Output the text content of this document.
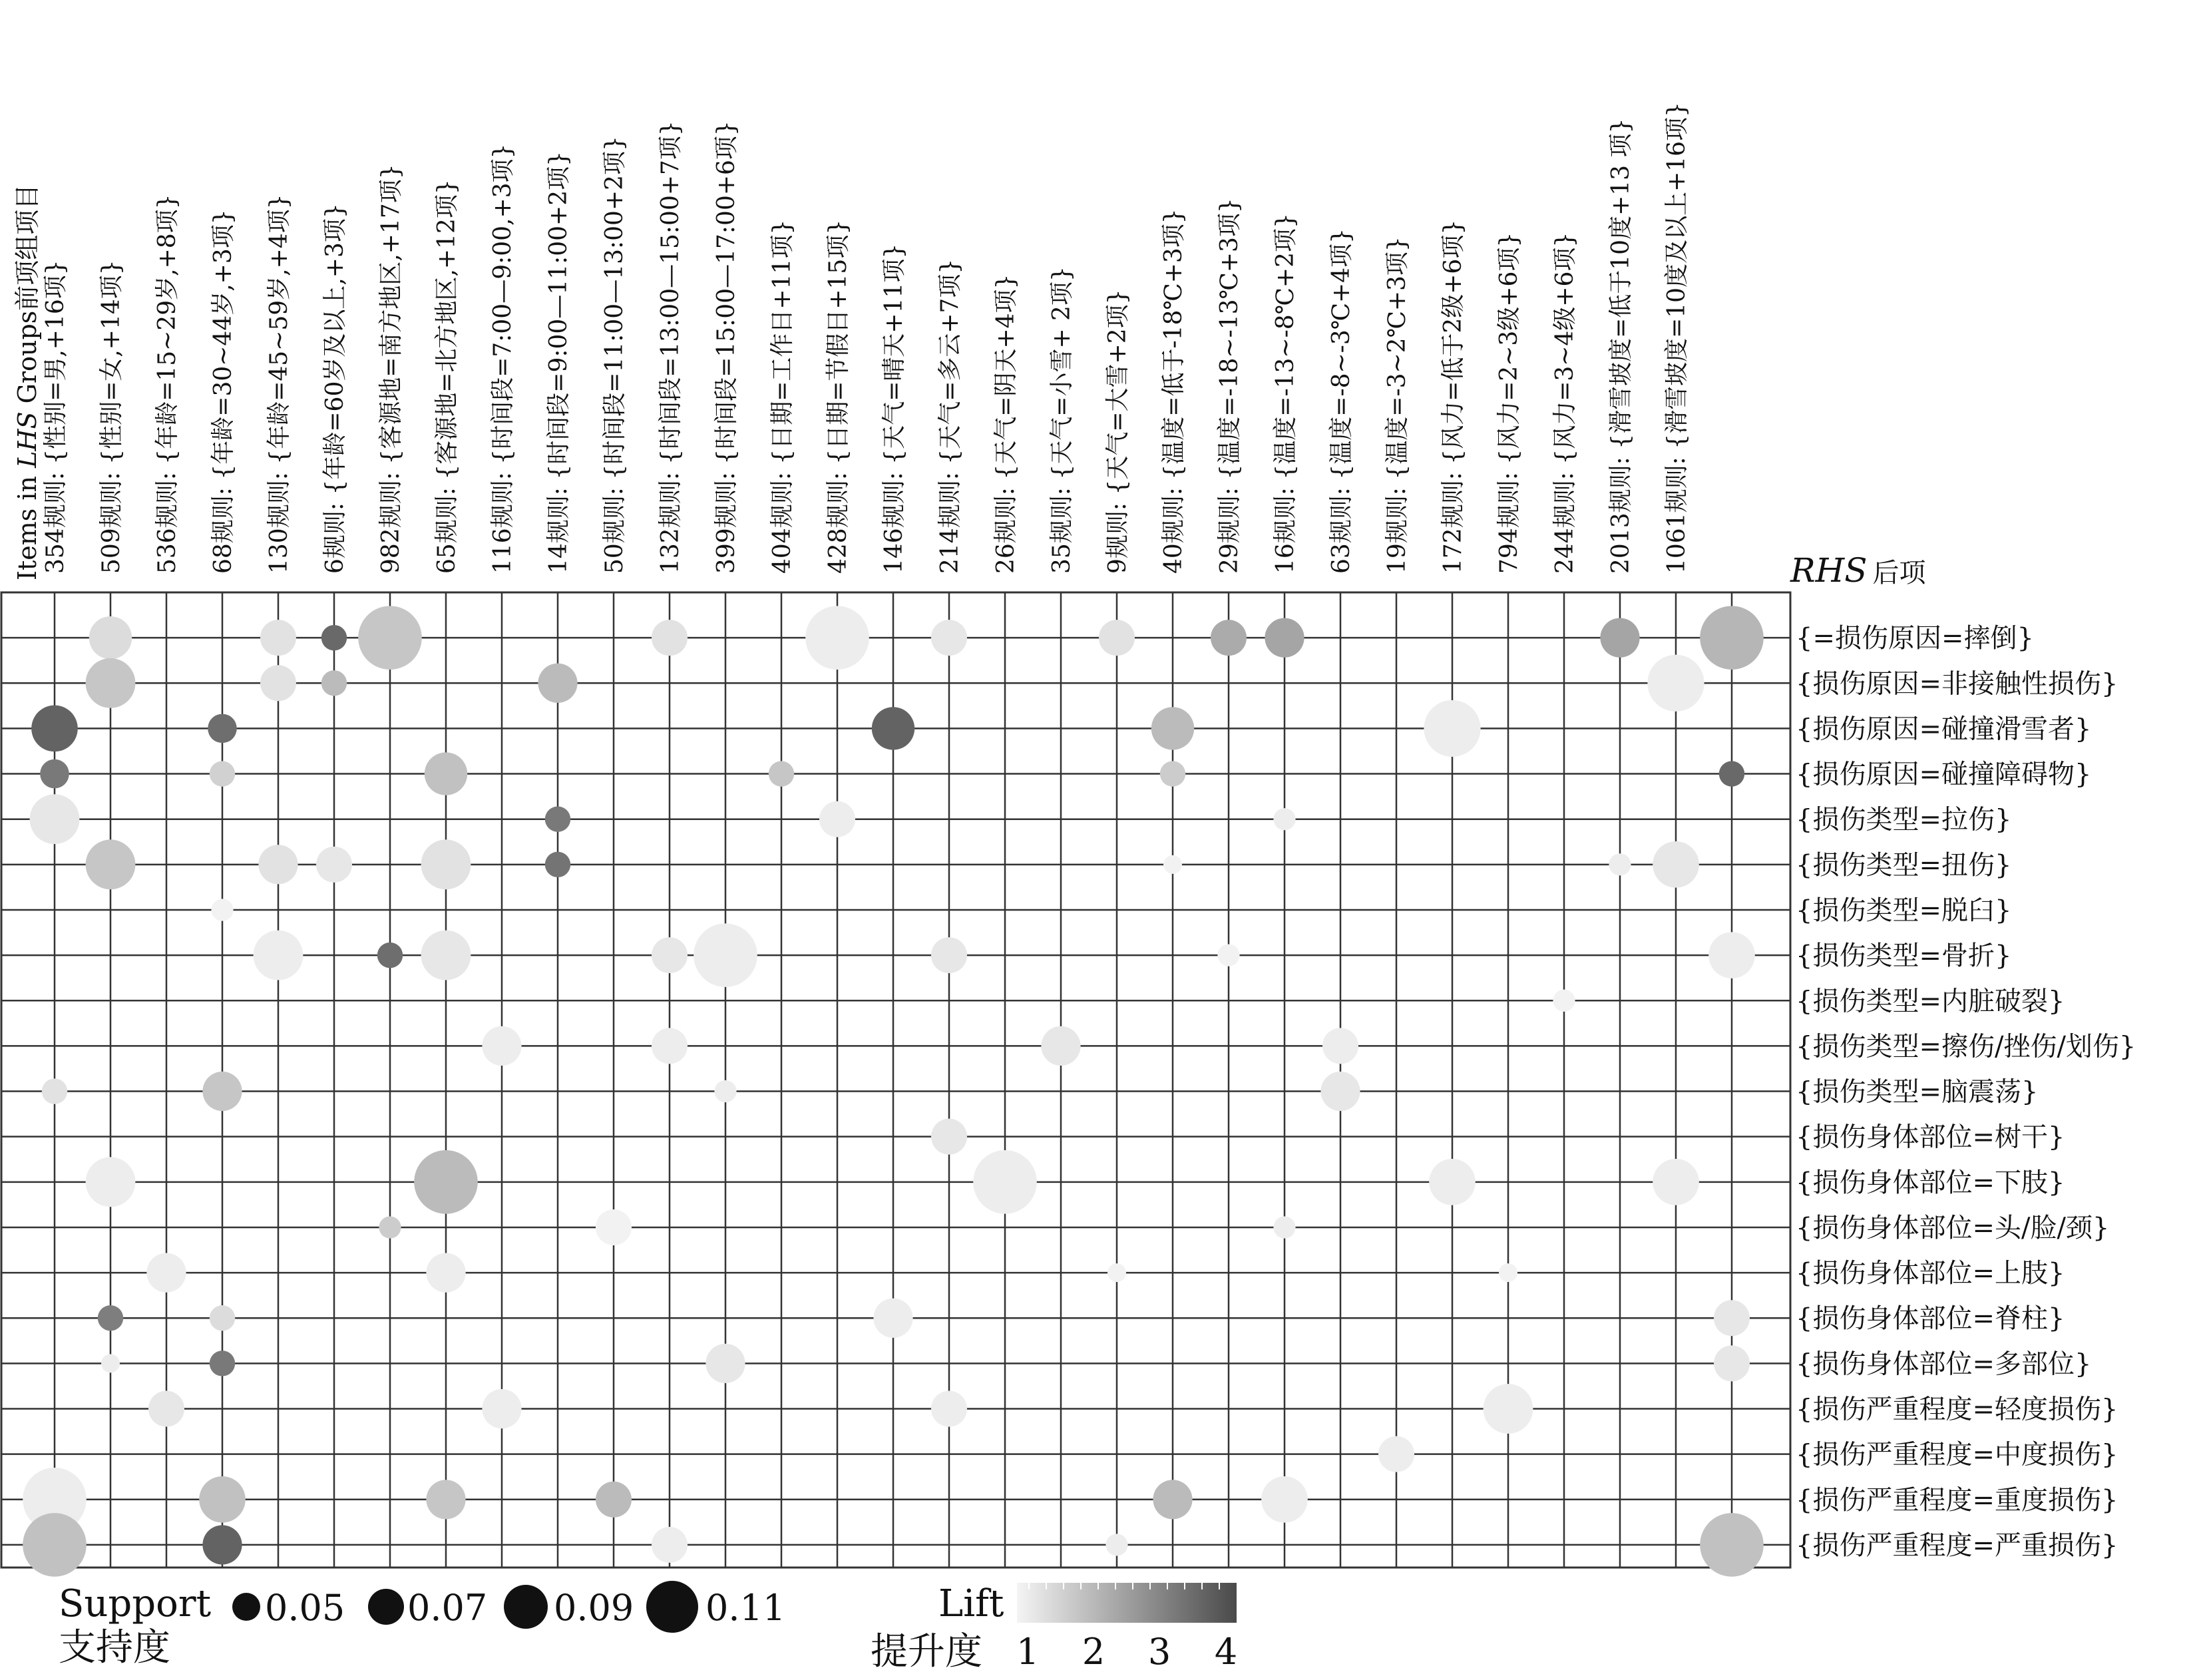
Items in LHS Groups前项组项目
RHS 后项
354规则: {性别=男,+16项} 509规则: {性别=女,+14项} 536规则: {年龄=15~29岁,+8项} 68规则: {年龄=30~44岁,+3项} 130规则: {年龄=45~59岁,+4项} 6规则: {年龄=60岁及以上,+3项} 982规则: {客源地=南方地区,+17项} 65规则: {客源地=北方地区,+12项} 116规则: {时间段=7:00—9:00,+3项} 14规则: {时间段=9:00—11:00+2项} 50规则: {时间段=11:00—13:00+2项} 132规则: {时间段=13:00—15:00+7项} 399规则: {时间段=15:00—17:00+6项} 404规则: {日期=工作日+11项} 428规则: {日期=节假日+15项} 146规则: {天气=晴天+11项} 214规则: {天气=多云+7项} 26规则: {天气=阴天+4项} 35规则: {天气=小雪+ 2项} 9规则: {天气=大雪+2项} 40规则: {温度=低于-18℃+3项} 29规则: {温度=-18~-13℃+3项} 16规则: {温度=-13~-8℃+2项} 63规则: {温度=-8~-3℃+4项} 19规则: {温度=-3~2℃+3项} 172规则: {风力=低于2级+6项} 794规则: {风力=2~3级+6项} 244规则: {风力=3~4级+6项} 2013规则: {滑雪坡度=低于10度+13 项} 1061规则: {滑雪坡度=10度及以上+16项}
{=损伤原因=摔倒}
{损伤原因=非接触性损伤}
{损伤原因=碰撞滑雪者}
{损伤原因=碰撞障碍物}
{损伤类型=拉伤}
{损伤类型=扭伤}
{损伤类型=脱臼}
{损伤类型=骨折}
{损伤类型=内脏破裂}
{损伤类型=擦伤/挫伤/划伤}
{损伤类型=脑震荡}
{损伤身体部位=树干}
{损伤身体部位=下肢}
{损伤身体部位=头/脸/颈}
{损伤身体部位=上肢}
{损伤身体部位=脊柱}
{损伤身体部位=多部位}
{损伤严重程度=轻度损伤}
{损伤严重程度=中度损伤}
{损伤严重程度=重度损伤}
{损伤严重程度=严重损伤}
Support
支持度
0.05 0.07 0.09 0.11	Lift
提升度 1 2 3 4
